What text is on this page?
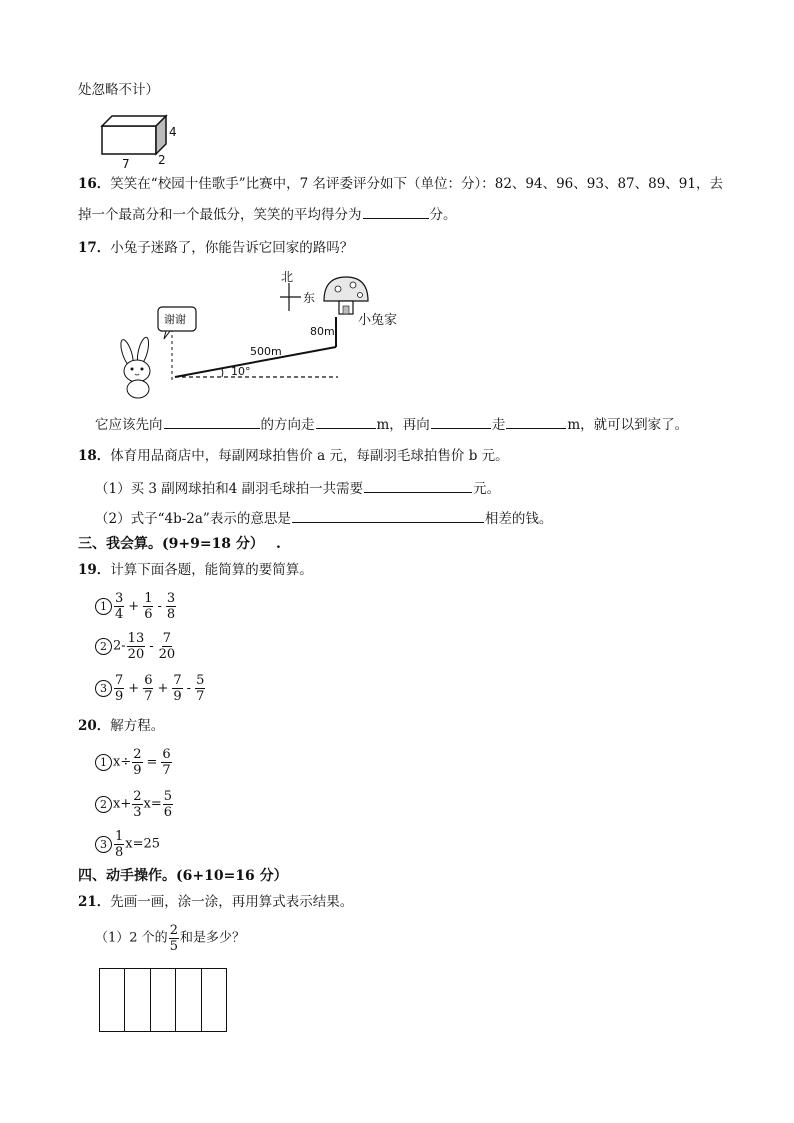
处忽略不计）
7 2
4
16．笑笑在“校园十佳歌手”比赛中，7 名评委评分如下（单位：分）：82、94、96、93、87、89、91，去
掉一个最高分和一个最低分，笑笑的平均得分为	分。
17．小兔子迷路了，你能告诉它回家的路吗？
北
东
小兔家
500m
80m
10°
谢谢
它应该先向	的方向走	m，再向	走	m，就可以到家了。
18．体育用品商店中，每副网球拍售价 a 元，每副羽毛球拍售价 b 元。
（1）买 3 副网球拍和4 副羽毛球拍一共需要	元。
（2）式子“4b-2a”表示的意思是	相差的钱。
三、我会算。(9+9=18 分） .
19．计算下面各题，能简算的要简算。
$1 \frac{3}{4} + \frac{1}{6} - \frac{3}{8}$
2 $2- \frac{13}{20} - \frac{7}{20}$
$3 \frac{7}{9} + \frac{6}{7} + \frac{7}{9} - \frac{5}{7}$
20．解方程。
1 $x\div \frac{2}{9} = \frac{6}{7}$
2 $x+ \frac{2}{3} x= \frac{5}{6}$
$3 \frac{1}{8} x=25$
四、动手操作。(6+10=16 分）
21．先画一画，涂一涂，再用算式表示结果。
（1）2 个的 $\frac{2}{5}$ 和是多少？
